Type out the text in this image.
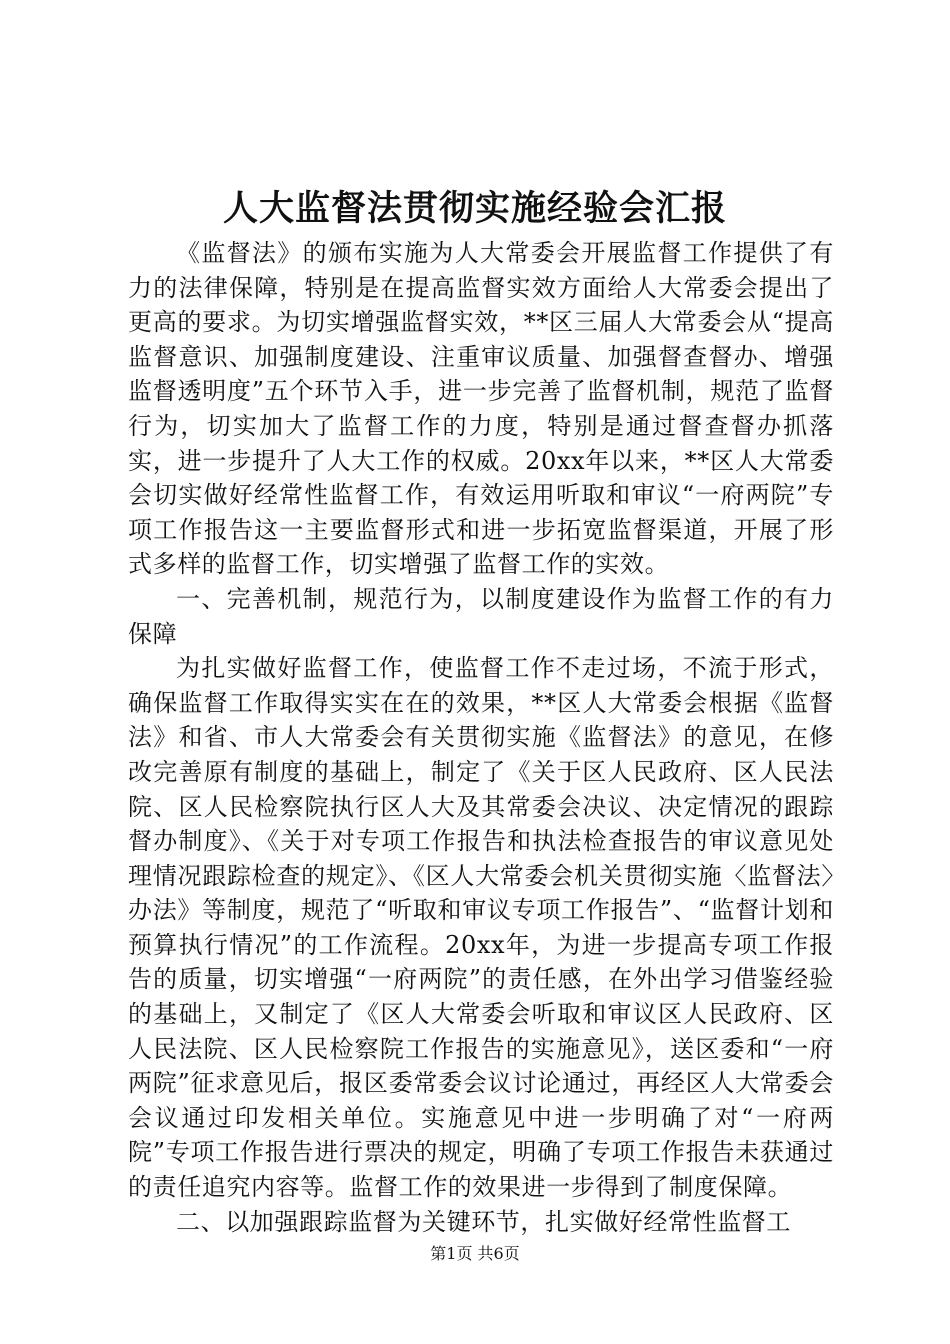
人大监督法贯彻实施经验会汇报

《监督法》的颁布实施为人大常委会开展监督工作提供了有力的法律保障，特别是在提高监督实效方面给人大常委会提出了更高的要求。为切实增强监督实效，**区三届人大常委会从“提高监督意识、加强制度建设、注重审议质量、加强督查督办、增强监督透明度”五个环节入手，进一步完善了监督机制，规范了监督行为，切实加大了监督工作的力度，特别是通过督查督办抓落实，进一步提升了人大工作的权威。20xx年以来，**区人大常委会切实做好经常性监督工作，有效运用听取和审议“一府两院”专项工作报告这一主要监督形式和进一步拓宽监督渠道，开展了形式多样的监督工作，切实增强了监督工作的实效。

一、完善机制，规范行为，以制度建设作为监督工作的有力保障

为扎实做好监督工作，使监督工作不走过场，不流于形式，确保监督工作取得实实在在的效果，**区人大常委会根据《监督法》和省、市人大常委会有关贯彻实施《监督法》的意见，在修改完善原有制度的基础上，制定了《关于区人民政府、区人民法院、区人民检察院执行区人大及其常委会决议、决定情况的跟踪督办制度》、《关于对专项工作报告和执法检查报告的审议意见处理情况跟踪检查的规定》、《区人大常委会机关贯彻实施〈监督法〉办法》等制度，规范了“听取和审议专项工作报告”、“监督计划和预算执行情况”的工作流程。20xx年，为进一步提高专项工作报告的质量，切实增强“一府两院”的责任感，在外出学习借鉴经验的基础上，又制定了《区人大常委会听取和审议区人民政府、区人民法院、区人民检察院工作报告的实施意见》，送区委和“一府两院”征求意见后，报区委常委会议讨论通过，再经区人大常委会会议通过印发相关单位。实施意见中进一步明确了对“一府两院”专项工作报告进行票决的规定，明确了专项工作报告未获通过的责任追究内容等。监督工作的效果进一步得到了制度保障。

二、以加强跟踪监督为关键环节，扎实做好经常性监督工

第1页 共6页
